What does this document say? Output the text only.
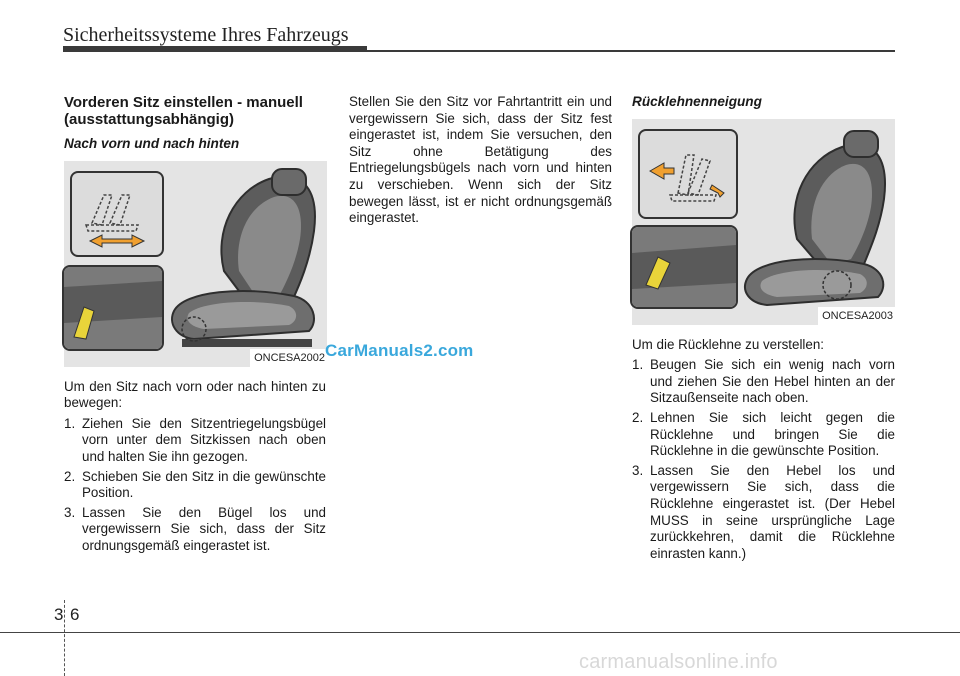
Sicherheitssysteme Ihres Fahrzeugs
Vorderen Sitz einstellen - manuell (ausstattungsabhängig)
Nach vorn und nach hinten
ONCESA2002

Um den Sitz nach vorn oder nach hinten zu bewegen:

1. Ziehen Sie den Sitzentriegelungsbügel vorn unter dem Sitzkissen nach oben und halten Sie ihn gezogen.
2. Schieben Sie den Sitz in die gewünschte Position.
3. Lassen Sie den Bügel los und vergewissern Sie sich, dass der Sitz ordnungsgemäß eingerastet ist.

Stellen Sie den Sitz vor Fahrtantritt ein und vergewissern Sie sich, dass der Sitz fest eingerastet ist, indem Sie versuchen, den Sitz ohne Betätigung des Entriegelungsbügels nach vorn und hinten zu verschieben. Wenn sich der Sitz bewegen lässt, ist er nicht ordnungsgemäß eingerastet.

Rücklehnenneigung
ONCESA2003

Um die Rücklehne zu verstellen:

1. Beugen Sie sich ein wenig nach vorn und ziehen Sie den Hebel hinten an der Sitzaußenseite nach oben.
2. Lehnen Sie sich leicht gegen die Rücklehne und bringen Sie die Rücklehne in die gewünschte Position.
3. Lassen Sie den Hebel los und vergewissern Sie sich, dass die Rücklehne eingerastet ist. (Der Hebel MUSS in seine ursprüngliche Lage zurückkehren, damit die Rücklehne einrasten kann.)
CarManuals2.com
3 6
carmanualsonline.info
